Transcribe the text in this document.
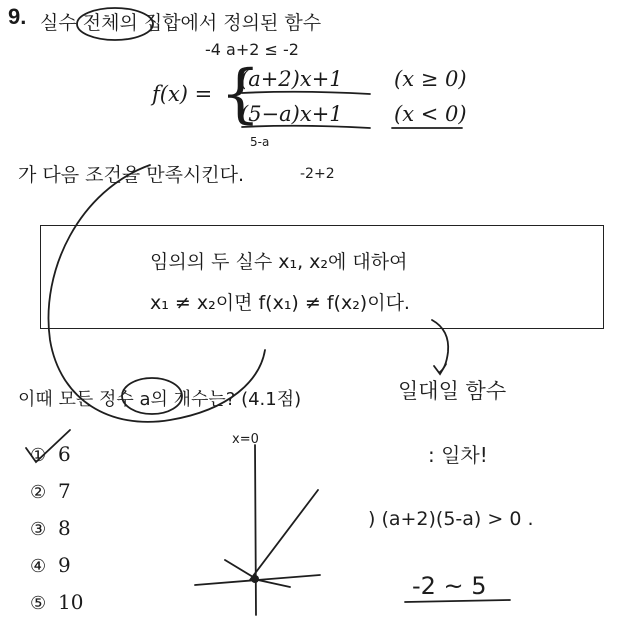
9. 실수 전체의 집합에서 정의된 함수
f(x) = {
(a+2)x+1 (x ≥ 0)
(5−a)x+1 (x < 0)
가 다음 조건을 만족시킨다.
임의의 두 실수 x₁, x₂에 대하여
x₁ ≠ x₂이면 f(x₁) ≠ f(x₂)이다.
이때 모든 정수 a의 개수는? (4.1점)
① 6
② 7
③ 8
④ 9
⑤ 10
-4 a+2 ≤ -2
5-a
-2+2
일대일 함수
: 일차!
) (a+2)(5-a) > 0 .
-2 ~ 5
x=0
